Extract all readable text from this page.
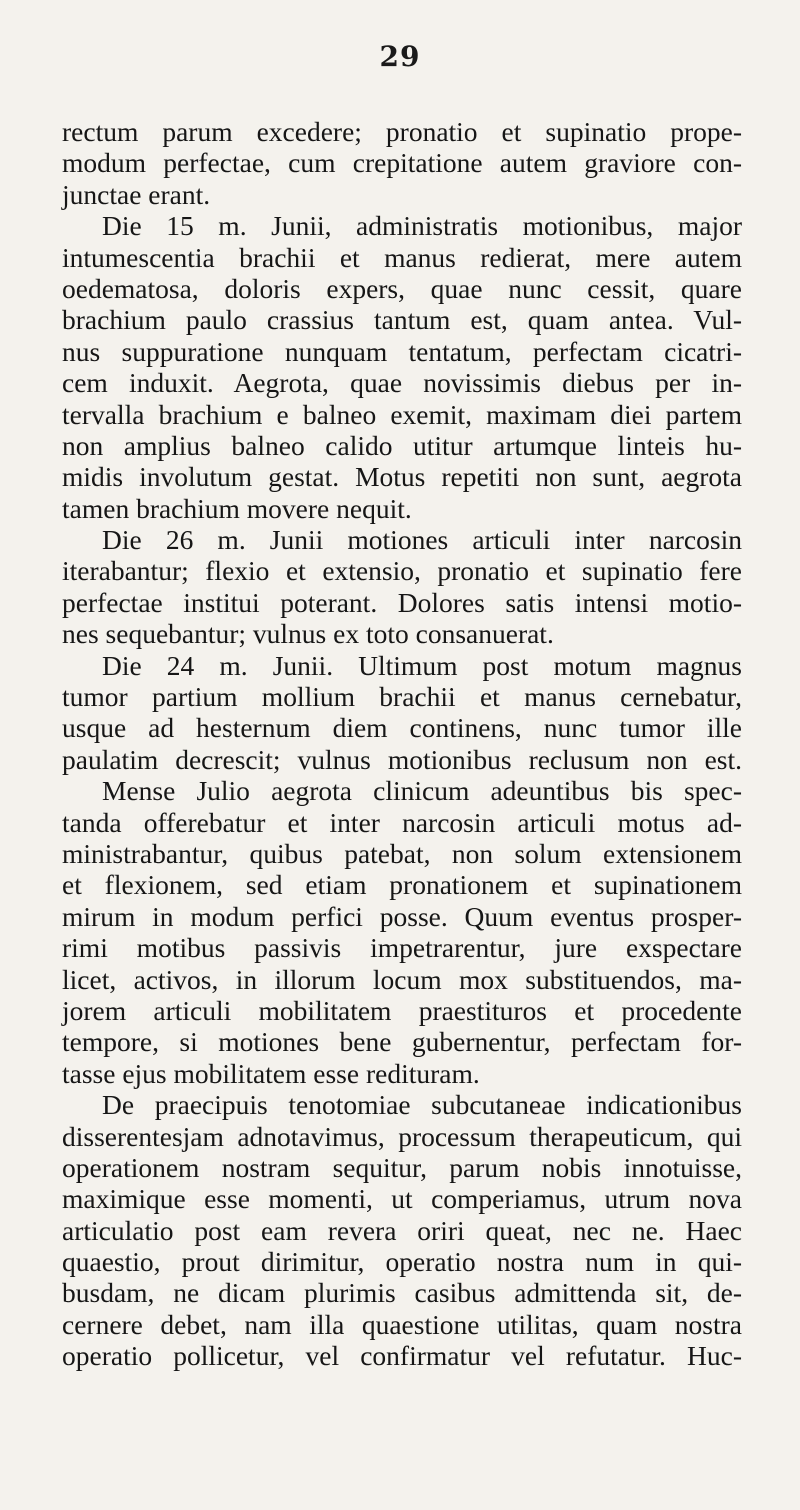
29
rectum parum excedere; pronatio et supinatio prope-
modum perfectae, cum crepitatione autem graviore con-
junctae erant.
Die 15 m. Junii, administratis motionibus, major
intumescentia brachii et manus redierat, mere autem
oedematosa, doloris expers, quae nunc cessit, quare
brachium paulo crassius tantum est, quam antea. Vul-
nus suppuratione nunquam tentatum, perfectam cicatri-
cem induxit. Aegrota, quae novissimis diebus per in-
tervalla brachium e balneo exemit, maximam diei partem
non amplius balneo calido utitur artumque linteis hu-
midis involutum gestat. Motus repetiti non sunt, aegrota
tamen brachium movere nequit.
Die 26 m. Junii motiones articuli inter narcosin
iterabantur; flexio et extensio, pronatio et supinatio fere
perfectae institui poterant. Dolores satis intensi motio-
nes sequebantur; vulnus ex toto consanuerat.
Die 24 m. Junii. Ultimum post motum magnus
tumor partium mollium brachii et manus cernebatur,
usque ad hesternum diem continens, nunc tumor ille
paulatim decrescit; vulnus motionibus reclusum non est.
Mense Julio aegrota clinicum adeuntibus bis spec-
tanda offerebatur et inter narcosin articuli motus ad-
ministrabantur, quibus patebat, non solum extensionem
et flexionem, sed etiam pronationem et supinationem
mirum in modum perfici posse. Quum eventus prosper-
rimi motibus passivis impetrarentur, jure exspectare
licet, activos, in illorum locum mox substituendos, ma-
jorem articuli mobilitatem praestituros et procedente
tempore, si motiones bene gubernentur, perfectam for-
tasse ejus mobilitatem esse redituram.
De praecipuis tenotomiae subcutaneae indicationibus
disserentesjam adnotavimus, processum therapeuticum, qui
operationem nostram sequitur, parum nobis innotuisse,
maximique esse momenti, ut comperiamus, utrum nova
articulatio post eam revera oriri queat, nec ne. Haec
quaestio, prout dirimitur, operatio nostra num in qui-
busdam, ne dicam plurimis casibus admittenda sit, de-
cernere debet, nam illa quaestione utilitas, quam nostra
operatio pollicetur, vel confirmatur vel refutatur. Huc-
